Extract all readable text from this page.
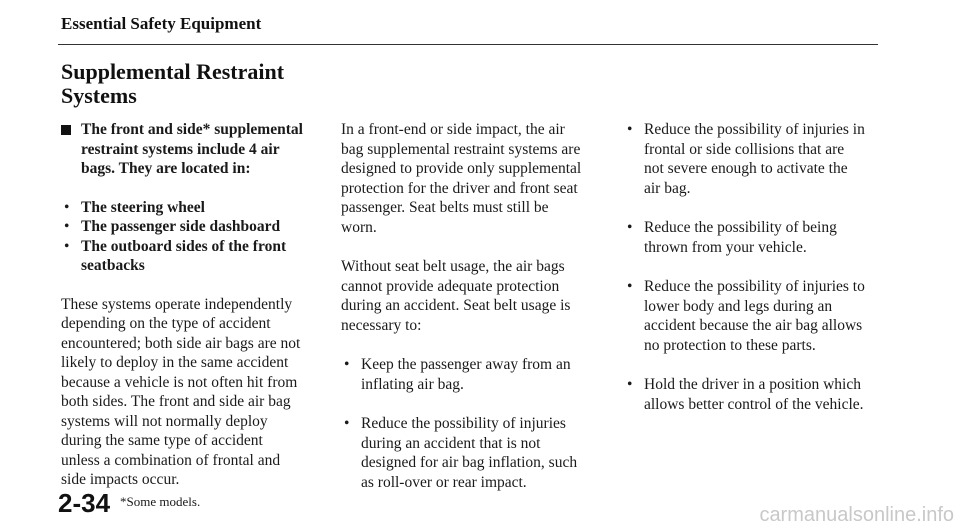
Essential Safety Equipment
Supplemental Restraint
Systems
The front and side* supplemental
restraint systems include 4 air
bags. They are located in:
• The steering wheel
• The passenger side dashboard
• The outboard sides of the front seatbacks
These systems operate independently
depending on the type of accident
encountered; both side air bags are not
likely to deploy in the same accident
because a vehicle is not often hit from
both sides. The front and side air bag
systems will not normally deploy
during the same type of accident
unless a combination of frontal and
side impacts occur.
In a front-end or side impact, the air
bag supplemental restraint systems are
designed to provide only supplemental
protection for the driver and front seat
passenger. Seat belts must still be
worn.
Without seat belt usage, the air bags
cannot provide adequate protection
during an accident. Seat belt usage is
necessary to:
• Keep the passenger away from an
inflating air bag.
• Reduce the possibility of injuries
during an accident that is not
designed for air bag inflation, such
as roll-over or rear impact.
• Reduce the possibility of injuries in
frontal or side collisions that are
not severe enough to activate the
air bag.
• Reduce the possibility of being
thrown from your vehicle.
• Reduce the possibility of injuries to
lower body and legs during an
accident because the air bag allows
no protection to these parts.
• Hold the driver in a position which
allows better control of the vehicle.
2-34 $^{*Some models.}$
carmanualsonline.info
